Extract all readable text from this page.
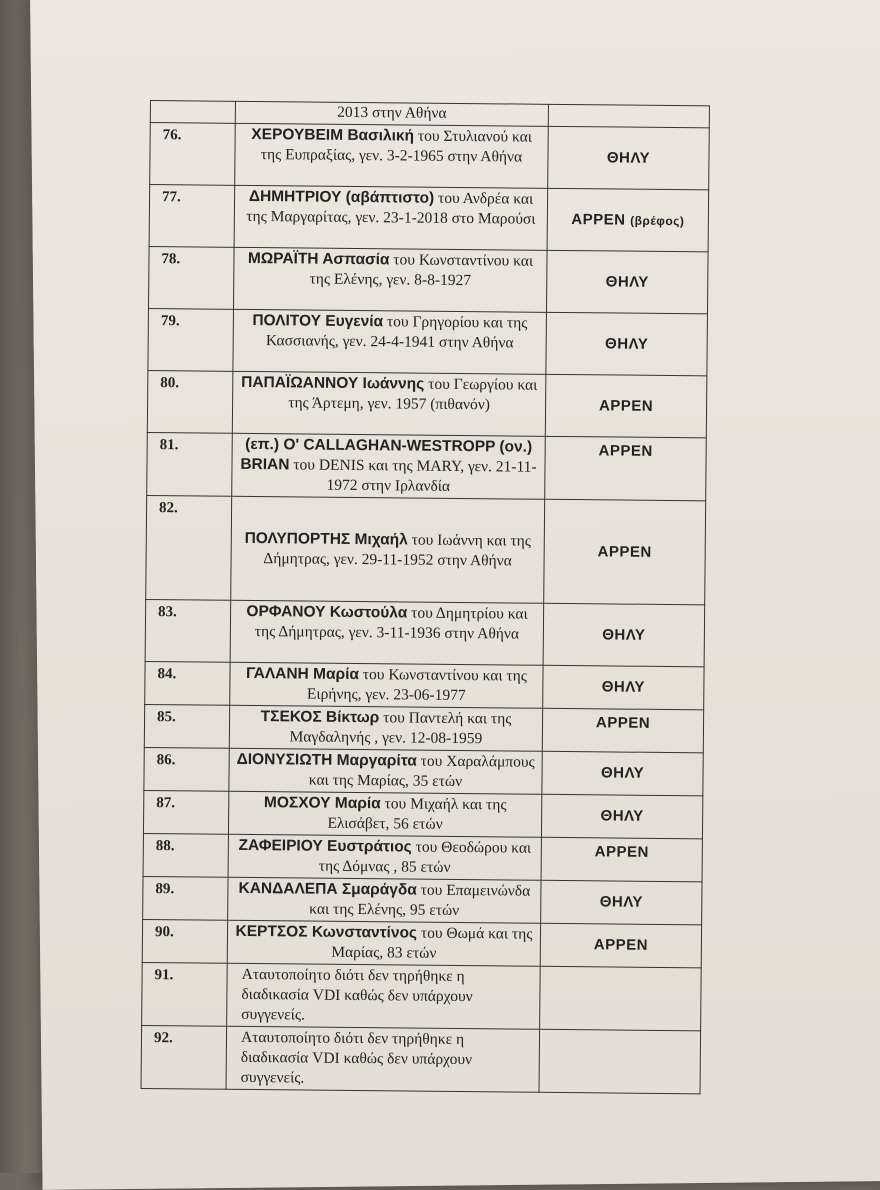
	2013 στην Αθήνα	
76.	ΧΕΡΟΥΒΕΙΜ Βασιλική του Στυλιανού και της Ευπραξίας, γεν. 3-2-1965 στην Αθήνα	ΘΗΛΥ
77.	ΔΗΜΗΤΡΙΟΥ (αβάπτιστο) του Ανδρέα και της Μαργαρίτας, γεν. 23-1-2018 στο Μαρούσι	ΑΡΡΕΝ (βρέφος)
78.	ΜΩΡΑΪΤΗ Ασπασία του Κωνσταντίνου και της Ελένης, γεν. 8-8-1927	ΘΗΛΥ
79.	ΠΟΛΙΤΟΥ Ευγενία του Γρηγορίου και της Κασσιανής, γεν. 24-4-1941 στην Αθήνα	ΘΗΛΥ
80.	ΠΑΠΑΪΩΑΝΝΟΥ Ιωάννης του Γεωργίου και της Άρτεμη, γεν. 1957 (πιθανόν)	ΑΡΡΕΝ
81.	(επ.) Ο' CALLAGHAN-WESTROPP (ον.) BRIAN του DENIS και της MARY, γεν. 21-11-1972 στην Ιρλανδία	ΑΡΡΕΝ
82.	ΠΟΛΥΠΟΡΤΗΣ Μιχαήλ του Ιωάννη και της Δήμητρας, γεν. 29-11-1952 στην Αθήνα	ΑΡΡΕΝ
83.	ΟΡΦΑΝΟΥ Κωστούλα του Δημητρίου και της Δήμητρας, γεν. 3-11-1936 στην Αθήνα	ΘΗΛΥ
84.	ΓΑΛΑΝΗ Μαρία του Κωνσταντίνου και της Ειρήνης, γεν. 23-06-1977	ΘΗΛΥ
85.	ΤΣΕΚΟΣ Βίκτωρ του Παντελή και της Μαγδαληνής , γεν. 12-08-1959	ΑΡΡΕΝ
86.	ΔΙΟΝΥΣΙΩΤΗ Μαργαρίτα του Χαραλάμπους και της Μαρίας, 35 ετών	ΘΗΛΥ
87.	ΜΟΣΧΟΥ Μαρία του Μιχαήλ και της Ελισάβετ, 56 ετών	ΘΗΛΥ
88.	ΖΑΦΕΙΡΙΟΥ Ευστράτιος του Θεοδώρου και της Δόμνας , 85 ετών	ΑΡΡΕΝ
89.	ΚΑΝΔΑΛΕΠΑ Σμαράγδα του Επαμεινώνδα και της Ελένης, 95 ετών	ΘΗΛΥ
90.	ΚΕΡΤΣΟΣ Κωνσταντίνος του Θωμά και της Μαρίας, 83 ετών	ΑΡΡΕΝ
91.	Αταυτοποίητο διότι δεν τηρήθηκε η διαδικασία VDI καθώς δεν υπάρχουν συγγενείς.	
92.	Αταυτοποίητο διότι δεν τηρήθηκε η διαδικασία VDI καθώς δεν υπάρχουν συγγενείς.	
